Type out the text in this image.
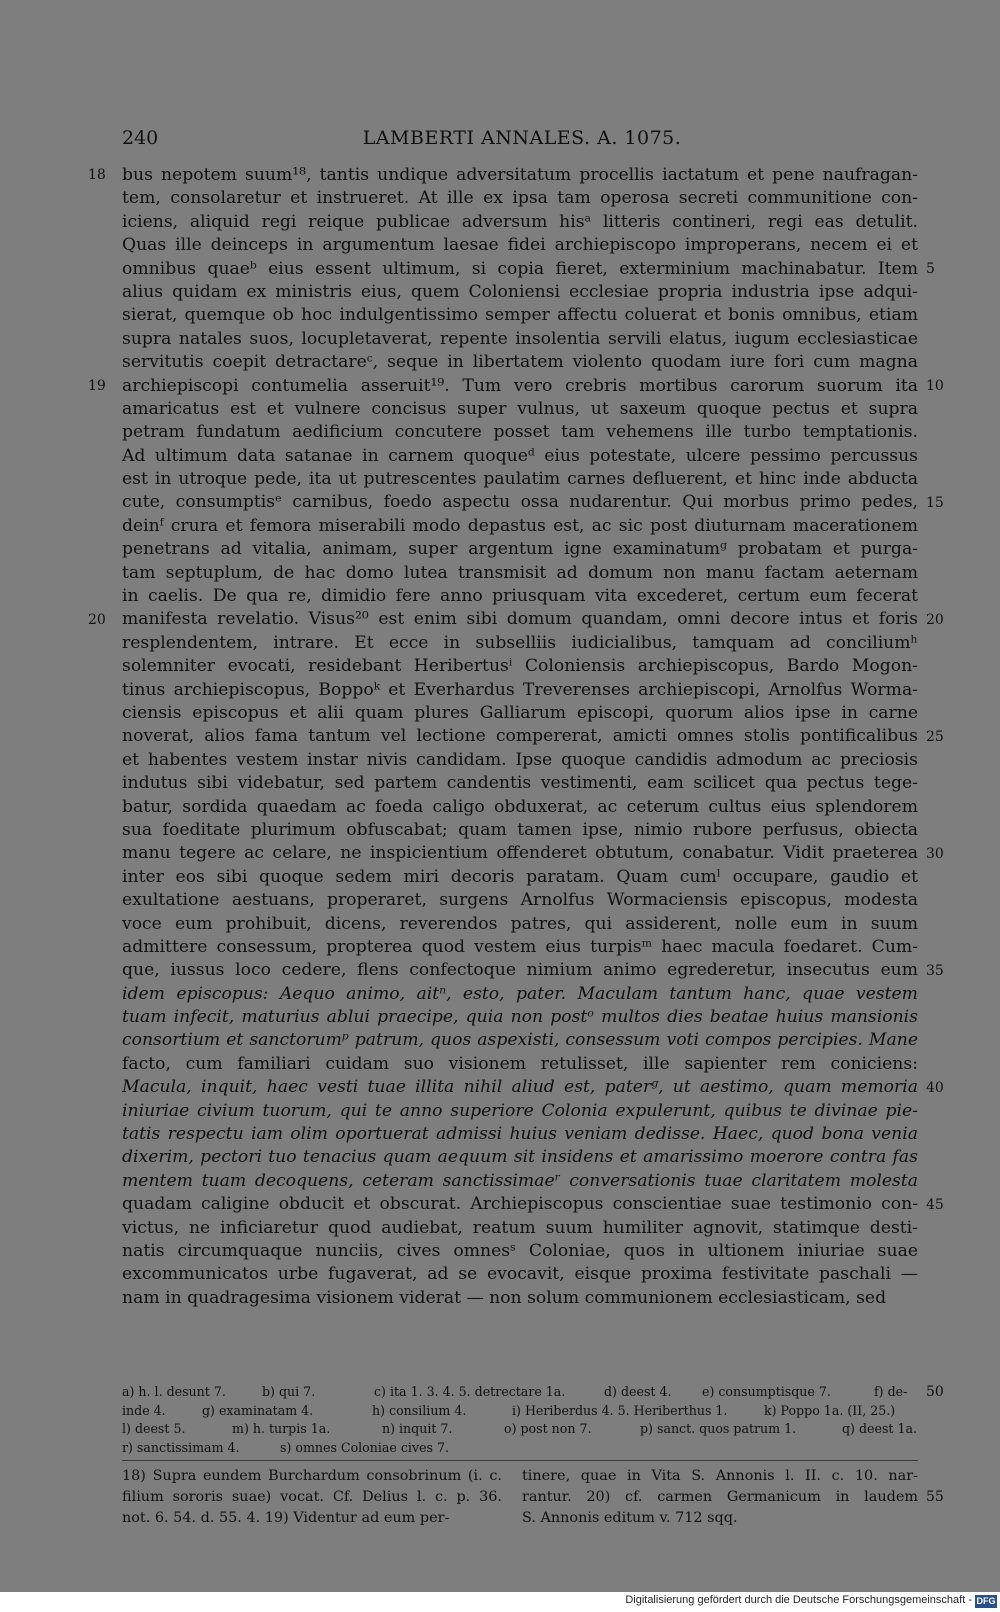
240	LAMBERTI ANNALES. A. 1075.
18
19
20
5
10
15
20
25
30
35
40
45
50
55
bus nepotem suum¹⁸, tantis undique adversitatum procellis iactatum et pene naufragan-
tem, consolaretur et instrueret. At ille ex ipsa tam operosa secreti communitione con-
iciens, aliquid regi reique publicae adversum hisᵃ litteris contineri, regi eas detulit.
Quas ille deinceps in argumentum laesae fidei archiepiscopo improperans, necem ei et
omnibus quaeᵇ eius essent ultimum, si copia fieret, exterminium machinabatur. Item
alius quidam ex ministris eius, quem Coloniensi ecclesiae propria industria ipse adqui-
sierat, quemque ob hoc indulgentissimo semper affectu coluerat et bonis omnibus, etiam
supra natales suos, locupletaverat, repente insolentia servili elatus, iugum ecclesiasticae
servitutis coepit detractareᶜ, seque in libertatem violento quodam iure fori cum magna
archiepiscopi contumelia asseruit¹⁹. Tum vero crebris mortibus carorum suorum ita
amaricatus est et vulnere concisus super vulnus, ut saxeum quoque pectus et supra
petram fundatum aedificium concutere posset tam vehemens ille turbo temptationis.
Ad ultimum data satanae in carnem quoqueᵈ eius potestate, ulcere pessimo percussus
est in utroque pede, ita ut putrescentes paulatim carnes defluerent, et hinc inde abducta
cute, consumptisᵉ carnibus, foedo aspectu ossa nudarentur. Qui morbus primo pedes,
deinᶠ crura et femora miserabili modo depastus est, ac sic post diuturnam macerationem
penetrans ad vitalia, animam, super argentum igne examinatumᵍ probatam et purga-
tam septuplum, de hac domo lutea transmisit ad domum non manu factam aeternam
in caelis. De qua re, dimidio fere anno priusquam vita excederet, certum eum fecerat
manifesta revelatio. Visus²⁰ est enim sibi domum quandam, omni decore intus et foris
resplendentem, intrare. Et ecce in subselliis iudicialibus, tamquam ad conciliumʰ
solemniter evocati, residebant Heribertusⁱ Coloniensis archiepiscopus, Bardo Mogon-
tinus archiepiscopus, Boppoᵏ et Everhardus Treverenses archiepiscopi, Arnolfus Worma-
ciensis episcopus et alii quam plures Galliarum episcopi, quorum alios ipse in carne
noverat, alios fama tantum vel lectione compererat, amicti omnes stolis pontificalibus
et habentes vestem instar nivis candidam. Ipse quoque candidis admodum ac preciosis
indutus sibi videbatur, sed partem candentis vestimenti, eam scilicet qua pectus tege-
batur, sordida quaedam ac foeda caligo obduxerat, ac ceterum cultus eius splendorem
sua foeditate plurimum obfuscabat; quam tamen ipse, nimio rubore perfusus, obiecta
manu tegere ac celare, ne inspicientium offenderet obtutum, conabatur. Vidit praeterea
inter eos sibi quoque sedem miri decoris paratam. Quam cumˡ occupare, gaudio et
exultatione aestuans, properaret, surgens Arnolfus Wormaciensis episcopus, modesta
voce eum prohibuit, dicens, reverendos patres, qui assiderent, nolle eum in suum
admittere consessum, propterea quod vestem eius turpisᵐ haec macula foedaret. Cum-
que, iussus loco cedere, flens confectoque nimium animo egrederetur, insecutus eum
idem episcopus: Aequo animo, aitⁿ, esto, pater. Maculam tantum hanc, quae vestem
tuam infecit, maturius ablui praecipe, quia non postᵒ multos dies beatae huius mansionis
consortium et sanctorumᵖ patrum, quos aspexisti, consessum voti compos percipies. Mane
facto, cum familiari cuidam suo visionem retulisset, ille sapienter rem coniciens:
Macula, inquit, haec vesti tuae illita nihil aliud est, paterᵍ, ut aestimo, quam memoria
iniuriae civium tuorum, qui te anno superiore Colonia expulerunt, quibus te divinae pie-
tatis respectu iam olim oportuerat admissi huius veniam dedisse. Haec, quod bona venia
dixerim, pectori tuo tenacius quam aequum sit insidens et amarissimo moerore contra fas
mentem tuam decoquens, ceteram sanctissimaeʳ conversationis tuae claritatem molesta
quadam caligine obducit et obscurat. Archiepiscopus conscientiae suae testimonio con-
victus, ne inficiaretur quod audiebat, reatum suum humiliter agnovit, statimque desti-
natis circumquaque nunciis, cives omnesˢ Coloniae, quos in ultionem iniuriae suae
excommunicatos urbe fugaverat, ad se evocavit, eisque proxima festivitate paschali —
nam in quadragesima visionem viderat — non solum communionem ecclesiasticam, sed
a) h. l. desunt 7.	b) qui 7.	c) ita 1. 3. 4. 5. detrectare 1a.	d) deest 4. e) consumptisque 7.	f) de-
inde 4.	g) examinatam 4.	h) consilium 4.	i) Heriberdus 4. 5. Heriberthus 1.	k) Poppo 1a. (II, 25.)
l) deest 5.	m) h. turpis 1a.	n) inquit 7.	o) post non 7.	p) sanct. quos patrum 1.	q) deest 1a.
r) sanctissimam 4.	s) omnes Coloniae cives 7.
18) Supra eundem Burchardum consobrinum (i. c.
filium sororis suae) vocat. Cf. Delius l. c. p. 36.
not. 6. 54. d. 55. 4. 19) Videntur ad eum per-
tinere, quae in Vita S. Annonis l. II. c. 10. nar-
rantur. 20) cf. carmen Germanicum in laudem
S. Annonis editum v. 712 sqq.
Digitalisierung gefördert durch die Deutsche Forschungsgemeinschaft - DFG
